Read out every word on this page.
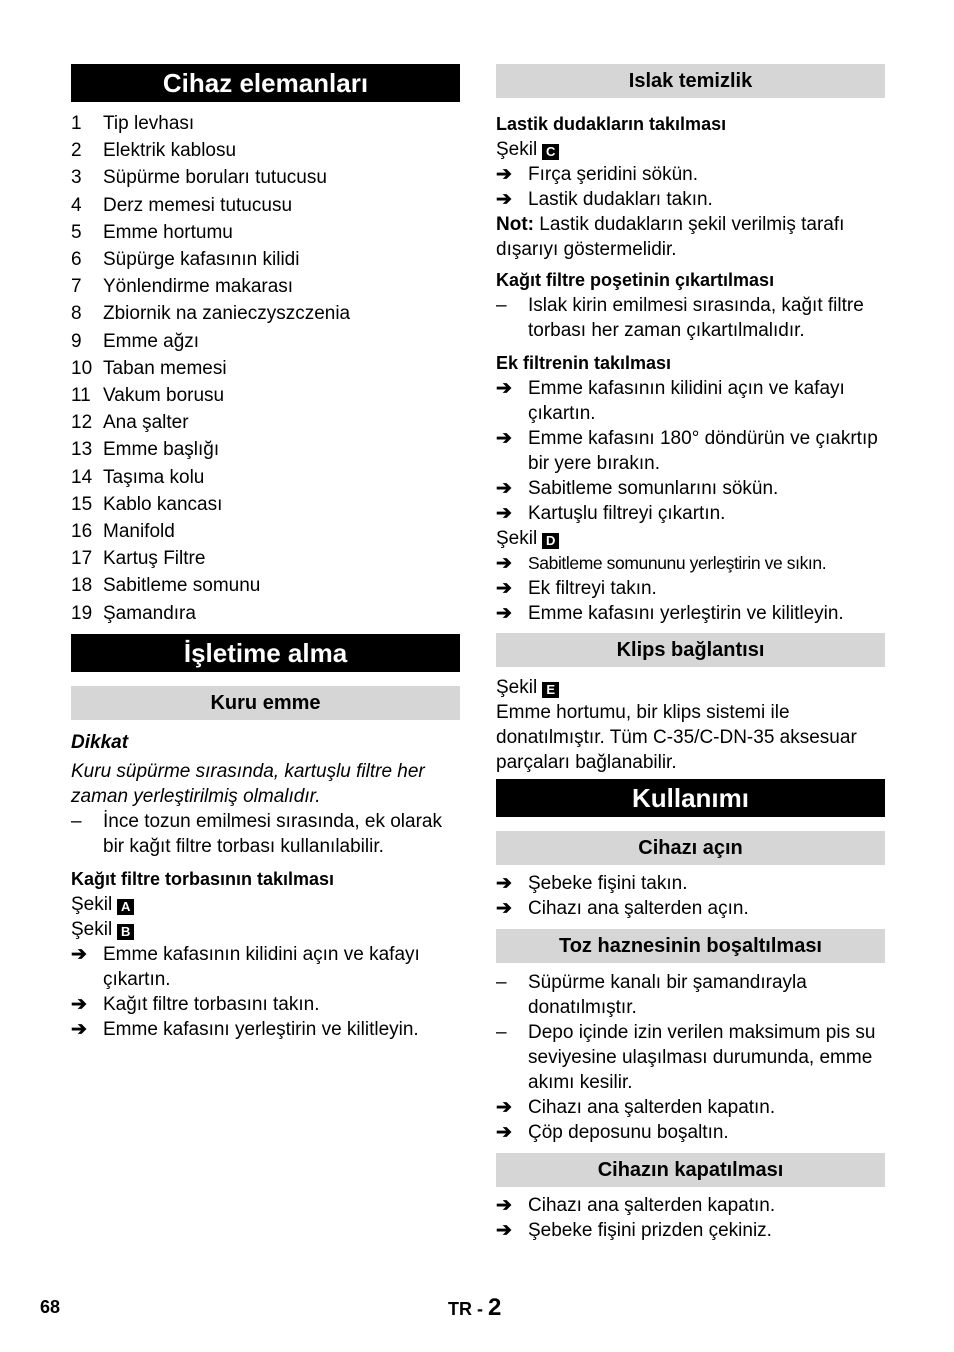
Cihaz elemanları
1 Tip levhası
2 Elektrik kablosu
3 Süpürme boruları tutucusu
4 Derz memesi tutucusu
5 Emme hortumu
6 Süpürge kafasının kilidi
7 Yönlendirme makarası
8 Zbiornik na zanieczyszczenia
9 Emme ağzı
10 Taban memesi
11 Vakum borusu
12 Ana şalter
13 Emme başlığı
14 Taşıma kolu
15 Kablo kancası
16 Manifold
17 Kartuş Filtre
18 Sabitleme somunu
19 Şamandıra
İşletime alma
Kuru emme
Dikkat
Kuru süpürme sırasında, kartuşlu filtre her zaman yerleştirilmiş olmalıdır.
–	İnce tozun emilmesi sırasında, ek olarak bir kağıt filtre torbası kullanılabilir.
Kağıt filtre torbasının takılması
Şekil A
Şekil B
➔ Emme kafasının kilidini açın ve kafayı çıkartın.
➔ Kağıt filtre torbasını takın.
➔ Emme kafasını yerleştirin ve kilitleyin.
Islak temizlik
Lastik dudakların takılması
Şekil C
➔ Fırça şeridini sökün.
➔ Lastik dudakları takın.
Not: Lastik dudakların şekil verilmiş tarafı dışarıyı göstermelidir.
Kağıt filtre poşetinin çıkartılması
–	Islak kirin emilmesi sırasında, kağıt filtre torbası her zaman çıkartılmalıdır.
Ek filtrenin takılması
➔ Emme kafasının kilidini açın ve kafayı çıkartın.
➔ Emme kafasını 180° döndürün ve çıakrtıp bir yere bırakın.
➔ Sabitleme somunlarını sökün.
➔ Kartuşlu filtreyi çıkartın.
Şekil D
➔ Sabitleme somununu yerleştirin ve sıkın.
➔ Ek filtreyi takın.
➔ Emme kafasını yerleştirin ve kilitleyin.
Klips bağlantısı
Şekil E
Emme hortumu, bir klips sistemi ile donatılmıştır. Tüm C-35/C-DN-35 aksesuar parçaları bağlanabilir.
Kullanımı
Cihazı açın
➔ Şebeke fişini takın.
➔ Cihazı ana şalterden açın.
Toz haznesinin boşaltılması
–	Süpürme kanalı bir şamandırayla donatılmıştır.
–	Depo içinde izin verilen maksimum pis su seviyesine ulaşılması durumunda, emme akımı kesilir.
➔ Cihazı ana şalterden kapatın.
➔ Çöp deposunu boşaltın.
Cihazın kapatılması
➔ Cihazı ana şalterden kapatın.
➔ Şebeke fişini prizden çekiniz.
68	TR - 2
